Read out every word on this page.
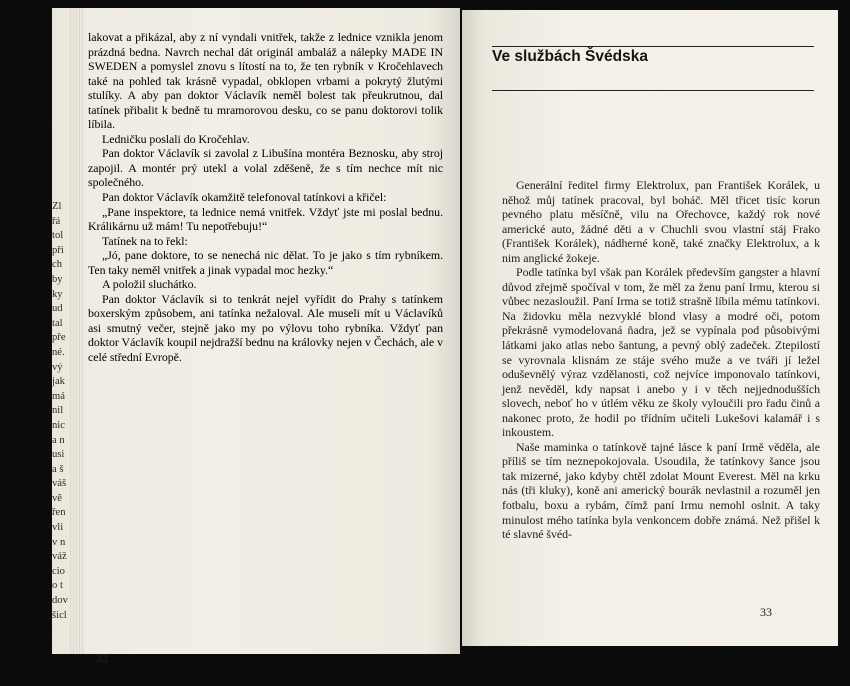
Zl
řá
tol
při
ch
by
ky
ud
tal
pře
né.
vý
jak
má
nil
nic
a n
usi
a š
váš
vě
řen
vli
v n
váž
cio
o t
dov
šicl

lakovat a přikázal, aby z ní vyndali vnitřek, takže z lednice vznikla jenom prázdná bedna. Navrch nechal dát originál ambaláž a nálepky MADE IN SWEDEN a pomyslel znovu s lítostí na to, že ten rybník v Kročehlavech také na pohled tak krásně vypadal, obklopen vrbami a pokrytý žlutými stulíky. A aby pan doktor Václavík neměl bolest tak přeukrutnou, dal tatínek přibalit k bedně tu mramorovou desku, co se panu doktorovi tolik líbila.

Ledničku poslali do Kročehlav.

Pan doktor Václavík si zavolal z Libušína montéra Beznosku, aby stroj zapojil. A montér prý utekl a volal zděšeně, že s tím nechce mít nic společného.

Pan doktor Václavík okamžitě telefonoval tatínkovi a křičel:

„Pane inspektore, ta lednice nemá vnitřek. Vždyť jste mi poslal bednu. Králikárnu už mám! Tu nepotřebuju!“

Tatínek na to řekl:

„Jó, pane doktore, to se nenechá nic dělat. To je jako s tím rybníkem. Ten taky neměl vnitřek a jinak vypadal moc hezky.“

A položil sluchátko.

Pan doktor Václavík si to tenkrát nejel vyřídit do Prahy s tatínkem boxerským způsobem, ani tatínka nežaloval. Ale museli mít u Václavíků asi smutný večer, stejně jako my po výlovu toho rybníka. Vždyť pan doktor Václavík koupil nejdražší bednu na královky nejen v Čechách, ale v celé střední Evropě.

32
Ve službách Švédska

Generální ředitel firmy Elektrolux, pan František Korálek, u něhož můj tatínek pracoval, byl boháč. Měl třicet tisíc korun pevného platu měsíčně, vilu na Ořechovce, každý rok nové americké auto, žádné děti a v Chuchli svou vlastní stáj Frako (František Korálek), nádherné koně, také značky Elektrolux, a k nim anglické žokeje.

Podle tatínka byl však pan Korálek především gangster a hlavní důvod zřejmě spočíval v tom, že měl za ženu paní Irmu, kterou si vůbec nezasloužil. Paní Irma se totiž strašně líbila mému tatínkovi. Na židovku měla nezvyklé blond vlasy a modré oči, potom překrásně vymodelovaná ňadra, jež se vypínala pod působivými látkami jako atlas nebo šantung, a pevný oblý zadeček. Ztepilostí se vyrovnala klisnám ze stáje svého muže a ve tváři jí ležel oduševnělý výraz vzdělanosti, což nejvíce imponovalo tatínkovi, jenž nevěděl, kdy napsat i anebo y i v těch nejjednodušších slovech, neboť ho v útlém věku ze školy vyloučili pro řadu činů a nakonec proto, že hodil po třídním učiteli Lukešovi kalamář i s inkoustem.

Naše maminka o tatínkově tajné lásce k paní Irmě věděla, ale příliš se tím neznepokojovala. Usoudila, že tatínkovy šance jsou tak mizerné, jako kdyby chtěl zdolat Mount Everest. Měl na krku nás (tři kluky), koně ani americký bourák nevlastnil a rozuměl jen fotbalu, boxu a rybám, čímž paní Irmu nemohl oslnit. A taky minulost mého tatínka byla venkoncem dobře známá. Než přišel k té slavné švéd-

33
